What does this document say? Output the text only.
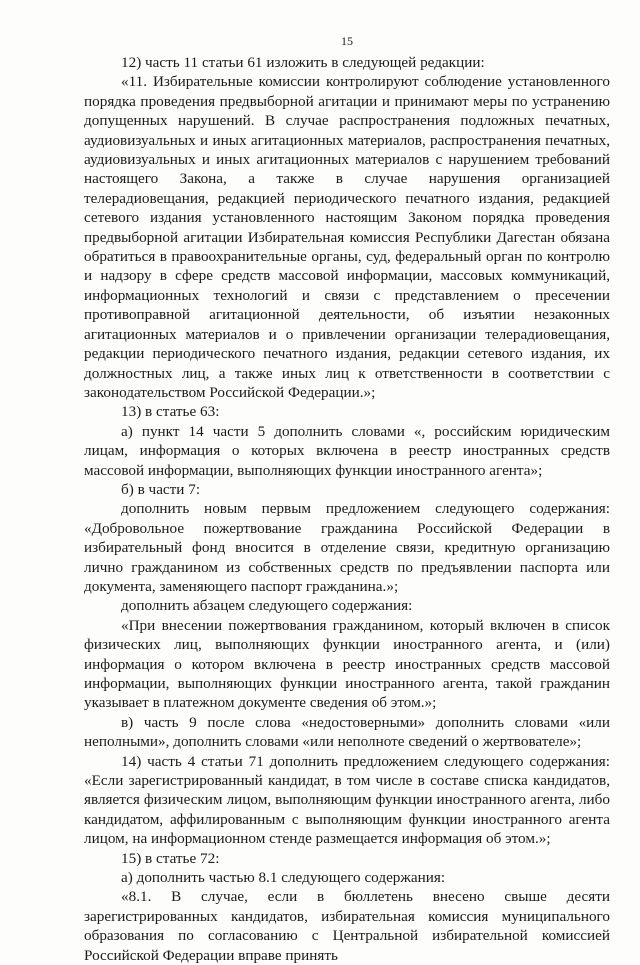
15

12) часть 11 статьи 61 изложить в следующей редакции:

«11. Избирательные комиссии контролируют соблюдение установленного порядка проведения предвыборной агитации и принимают меры по устранению допущенных нарушений. В случае распространения подложных печатных, аудиовизуальных и иных агитационных материалов, распространения печатных, аудиовизуальных и иных агитационных материалов с нарушением требований настоящего Закона, а также в случае нарушения организацией телерадиовещания, редакцией периодического печатного издания, редакцией сетевого издания установленного настоящим Законом порядка проведения предвыборной агитации Избирательная комиссия Республики Дагестан обязана обратиться в правоохранительные органы, суд, федеральный орган по контролю и надзору в сфере средств массовой информации, массовых коммуникаций, информационных технологий и связи с представлением о пресечении противоправной агитационной деятельности, об изъятии незаконных агитационных материалов и о привлечении организации телерадиовещания, редакции периодического печатного издания, редакции сетевого издания, их должностных лиц, а также иных лиц к ответственности в соответствии с законодательством Российской Федерации.»;

13) в статье 63:

а) пункт 14 части 5 дополнить словами «, российским юридическим лицам, информация о которых включена в реестр иностранных средств массовой информации, выполняющих функции иностранного агента»;

б) в части 7:

дополнить новым первым предложением следующего содержания: «Добровольное пожертвование гражданина Российской Федерации в избирательный фонд вносится в отделение связи, кредитную организацию лично гражданином из собственных средств по предъявлении паспорта или документа, заменяющего паспорт гражданина.»;

дополнить абзацем следующего содержания:

«При внесении пожертвования гражданином, который включен в список физических лиц, выполняющих функции иностранного агента, и (или) информация о котором включена в реестр иностранных средств массовой информации, выполняющих функции иностранного агента, такой гражданин указывает в платежном документе сведения об этом.»;

в) часть 9 после слова «недостоверными» дополнить словами «или неполными», дополнить словами «или неполноте сведений о жертвователе»;

14) часть 4 статьи 71 дополнить предложением следующего содержания: «Если зарегистрированный кандидат, в том числе в составе списка кандидатов, является физическим лицом, выполняющим функции иностранного агента, либо кандидатом, аффилированным с выполняющим функции иностранного агента лицом, на информационном стенде размещается информация об этом.»;

15) в статье 72:

а) дополнить частью 8.1 следующего содержания:

«8.1. В случае, если в бюллетень внесено свыше десяти зарегистрированных кандидатов, избирательная комиссия муниципального образования по согласованию с Центральной избирательной комиссией Российской Федерации вправе принять
